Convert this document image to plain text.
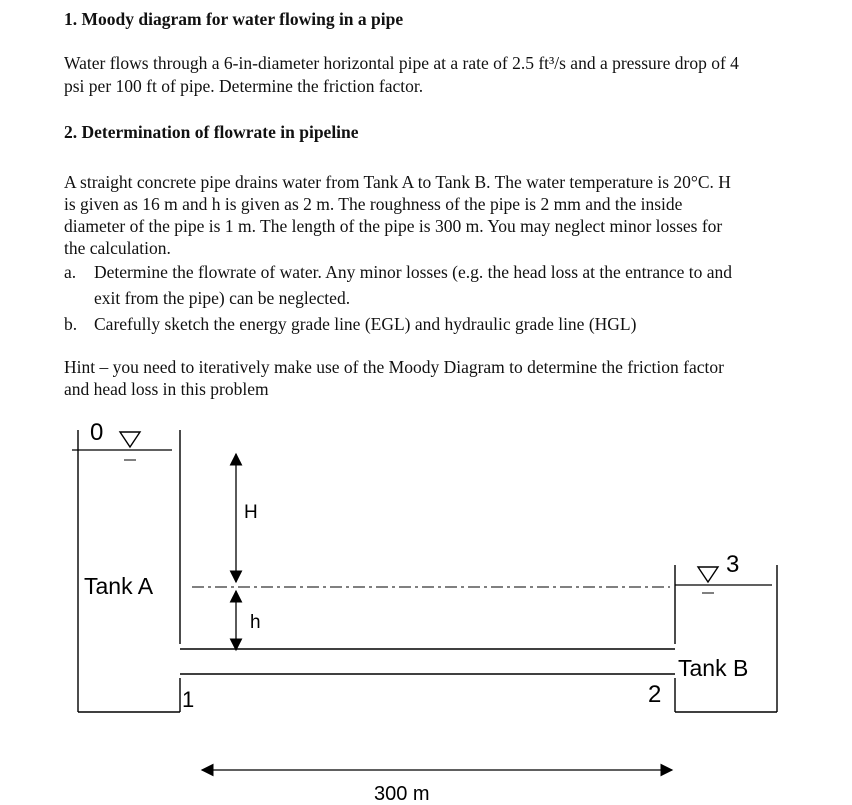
1. Moody diagram for water flowing in a pipe
Water flows through a 6-in-diameter horizontal pipe at a rate of 2.5 ft³/s and a pressure drop of 4
psi per 100 ft of pipe. Determine the friction factor.
2. Determination of flowrate in pipeline
A straight concrete pipe drains water from Tank A to Tank B. The water temperature is 20°C. H
is given as 16 m and h is given as 2 m. The roughness of the pipe is 2 mm and the inside
diameter of the pipe is 1 m. The length of the pipe is 300 m. You may neglect minor losses for
the calculation.
a. Determine the flowrate of water. Any minor losses (e.g. the head loss at the entrance to and
exit from the pipe) can be neglected.
b. Carefully sketch the energy grade line (EGL) and hydraulic grade line (HGL)
Hint – you need to iteratively make use of the Moody Diagram to determine the friction factor
and head loss in this problem
0
Tank A
1
H
h
2
3
Tank B
300 m
